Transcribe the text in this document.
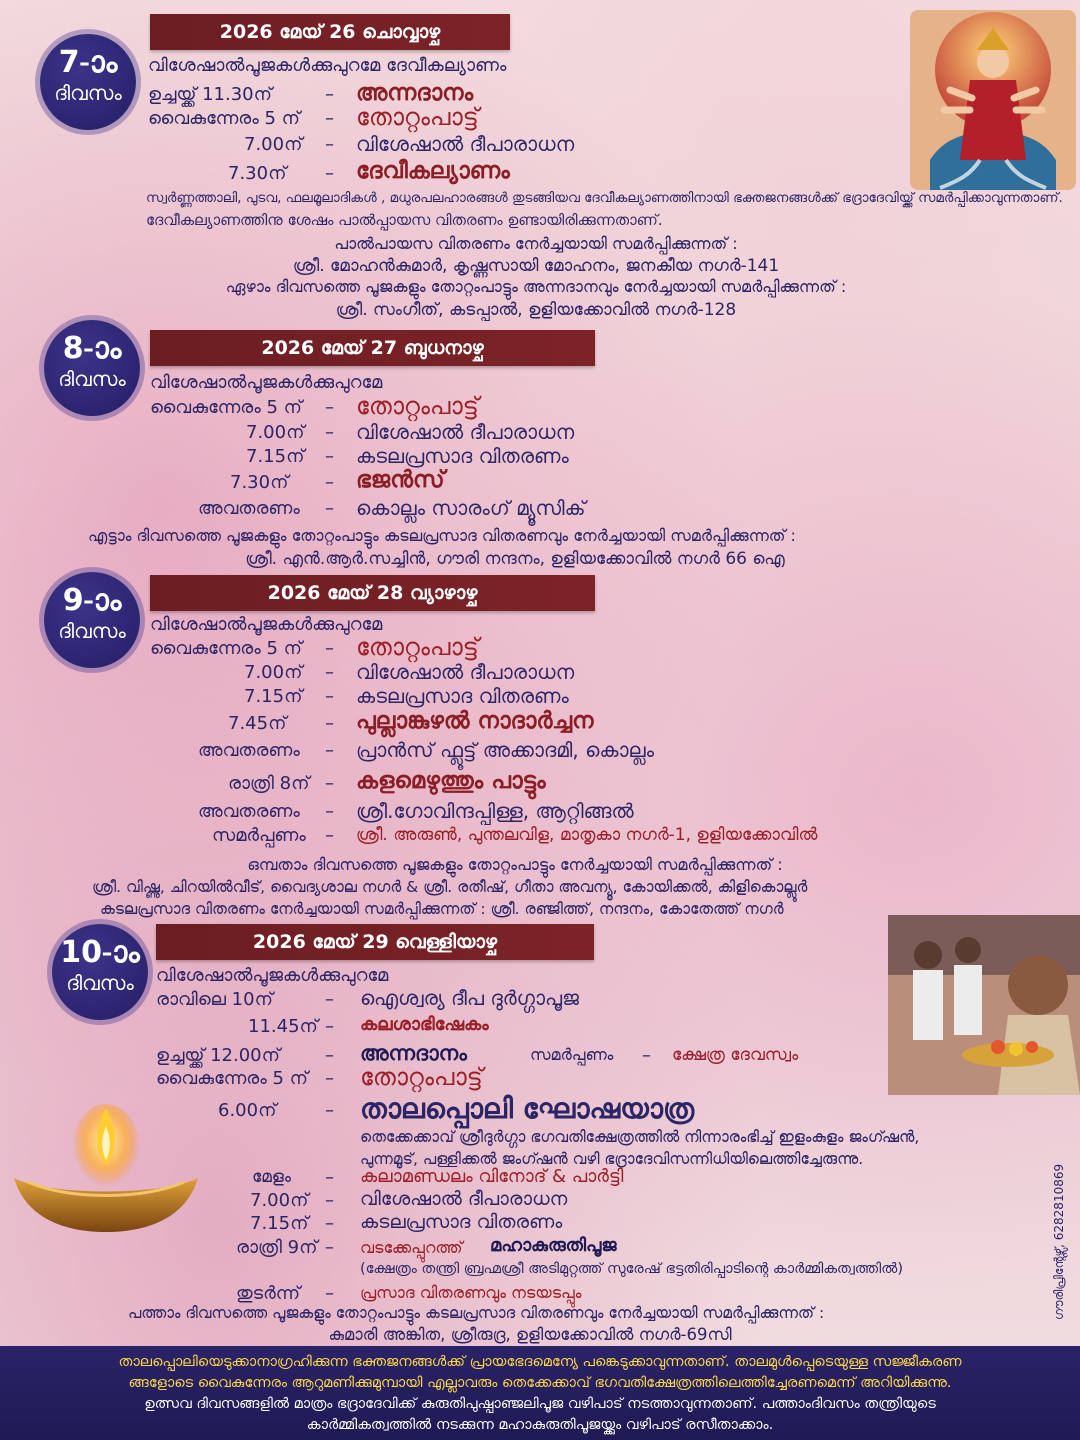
7-ാം
ദിവസം
2026 മേയ് 26 ചൊവ്വാഴ്ച
വിശേഷാൽപൂജകൾക്കുപുറമേ ദേവീകല്യാണം
ഉച്ചയ്ക്ക് 11.30ന്	– അന്നദാനം
വൈകുന്നേരം 5 ന് – തോറ്റംപാട്ട്
7.00ന് – വിശേഷാൽ ദീപാരാധന
7.30ന് – ദേവീകല്യാണം
സ്വർണ്ണത്താലി, പുടവ, ഫലമൂലാദികൾ , മധുരപലഹാരങ്ങൾ തുടങ്ങിയവ ദേവീകല്യാണത്തിനായി ഭക്തജനങ്ങൾക്ക് ഭദ്രാദേവിയ്ക്ക് സമർപ്പിക്കാവുന്നതാണ്.
ദേവീകല്യാണത്തിനു ശേഷം പാൽപ്പായസ വിതരണം ഉണ്ടായിരിക്കുന്നതാണ്.
പാൽപായസ വിതരണം നേർച്ചയായി സമർപ്പിക്കുന്നത് :
ശ്രീ. മോഹൻകുമാർ, കൃഷ്ണസായി മോഹനം, ജനകീയ നഗർ-141
ഏഴാം ദിവസത്തെ പൂജകളും തോറ്റംപാട്ടും അന്നദാനവും നേർച്ചയായി സമർപ്പിക്കുന്നത് :
ശ്രീ. സംഗീത്, കടപ്പാൽ, ഉളിയക്കോവിൽ നഗർ-128
8-ാം
ദിവസം
2026 മേയ് 27 ബുധനാഴ്ച
വിശേഷാൽപൂജകൾക്കുപുറമേ
വൈകുന്നേരം 5 ന് – തോറ്റംപാട്ട്
7.00ന് – വിശേഷാൽ ദീപാരാധന
7.15ന് – കടലപ്രസാദ വിതരണം
7.30ന് – ഭജൻസ്
അവതരണം – കൊല്ലം സാരംഗ് മ്യൂസിക്
എട്ടാം ദിവസത്തെ പൂജകളും തോറ്റംപാട്ടും കടലപ്രസാദ വിതരണവും നേർച്ചയായി സമർപ്പിക്കുന്നത് :
ശ്രീ. എൻ.ആർ.സച്ചിൻ, ഗൗരി നന്ദനം, ഉളിയക്കോവിൽ നഗർ 66 ഐ
9-ാം
ദിവസം
2026 മേയ് 28 വ്യാഴാഴ്ച
വിശേഷാൽപൂജകൾക്കുപുറമേ
വൈകുന്നേരം 5 ന് – തോറ്റംപാട്ട്
7.00ന് – വിശേഷാൽ ദീപാരാധന
7.15ന് – കടലപ്രസാദ വിതരണം
7.45ന് – പുല്ലാങ്കുഴൽ നാദാർച്ചന
അവതരണം – പ്രാൻസ് ഫ്ലൂട്ട് അക്കാദമി, കൊല്ലം
രാത്രി 8ന് – കളമെഴുത്തും പാട്ടും
അവതരണം – ശ്രീ.ഗോവിന്ദപ്പിള്ള, ആറ്റിങ്ങൽ
സമർപ്പണം – ശ്രീ. അരുൺ, പുന്തലവിള, മാതൃകാ നഗർ-1, ഉളിയക്കോവിൽ
ഒമ്പതാം ദിവസത്തെ പൂജകളും തോറ്റംപാട്ടും നേർച്ചയായി സമർപ്പിക്കുന്നത് :
ശ്രീ. വിഷ്ണു, ചിറയിൽവീട്, വൈദ്യശാല നഗർ & ശ്രീ. രതീഷ്, ഗീതാ അവന്യൂ, കോയിക്കൽ, കിളികൊല്ലൂർ
കടലപ്രസാദ വിതരണം നേർച്ചയായി സമർപ്പിക്കുന്നത് : ശ്രീ. രഞ്ജിത്ത്, നന്ദനം, കോതേത്ത് നഗർ
10-ാം
ദിവസം
2026 മേയ് 29 വെള്ളിയാഴ്ച
വിശേഷാൽപൂജകൾക്കുപുറമേ
രാവിലെ 10ന്	– ഐശ്വര്യ ദീപ ദുർഗ്ഗാപൂജ
11.45ന് – കലശാഭിഷേകം
ഉച്ചയ്ക്ക് 12.00ന്	– അന്നദാനം	സമർപ്പണം – ക്ഷേത്ര ദേവസ്വം
വൈകുന്നേരം 5 ന് – തോറ്റംപാട്ട്
6.00ന്	– താലപ്പൊലി ഘോഷയാത്ര
തെക്കേക്കാവ് ശ്രീദുർഗ്ഗാ ഭഗവതിക്ഷേത്രത്തിൽ നിന്നാരംഭിച്ച് ഇളംകുളം ജംഗ്ഷൻ,
പുന്നമൂട്, പള്ളിക്കൽ ജംഗ്ഷൻ വഴി ഭദ്രാദേവിസന്നിധിയിലെത്തിച്ചേരുന്നു.
മേളം – കലാമണ്ഡലം വിനോദ് & പാർട്ടി
7.00ന് – വിശേഷാൽ ദീപാരാധന
7.15ന് – കടലപ്രസാദ വിതരണം
രാത്രി 9ന് – വടക്കേപ്പുറത്ത് മഹാകുരുതിപൂജ
(ക്ഷേത്രം തന്ത്രി ബ്രഹ്മശ്രീ അടിമുറ്റത്ത് സുരേഷ് ഭട്ടതിരിപ്പാടിന്റെ കാർമ്മികത്വത്തിൽ)
തുടർന്ന് – പ്രസാദ വിതരണവും നടയടപ്പും
പത്താം ദിവസത്തെ പൂജകളും തോറ്റംപാട്ടും കടലപ്രസാദ വിതരണവും നേർച്ചയായി സമർപ്പിക്കുന്നത് :
കുമാരി അങ്കിത, ശ്രീരുദ്ര, ഉളിയക്കോവിൽ നഗർ-69സി
ഗൗരിപ്രിന്റേഴ്സ്, 6282810869
താലപ്പൊലിയെടുക്കാനാഗ്രഹിക്കുന്ന ഭക്തജനങ്ങൾക്ക് പ്രായഭേദമെന്യേ പങ്കെടുക്കാവുന്നതാണ്. താലമുൾപ്പെടെയുള്ള സജ്ജീകരണ
ങ്ങളോടെ വൈകുന്നേരം ആറുമണിക്കുമുമ്പായി എല്ലാവരും തെക്കേക്കാവ് ഭഗവതിക്ഷേത്രത്തിലെത്തിച്ചേരണമെന്ന് അറിയിക്കുന്നു.
ഉത്സവ ദിവസങ്ങളിൽ മാത്രം ഭദ്രാദേവിക്ക് കുരുതിപുഷ്പാഞ്ജലിപൂജ വഴിപാട് നടത്താവുന്നതാണ്. പത്താംദിവസം തന്ത്രിയുടെ
കാർമ്മികത്വത്തിൽ നടക്കുന്ന മഹാകുരുതിപൂജയ്ക്കും വഴിപാട് രസീതാക്കാം.
